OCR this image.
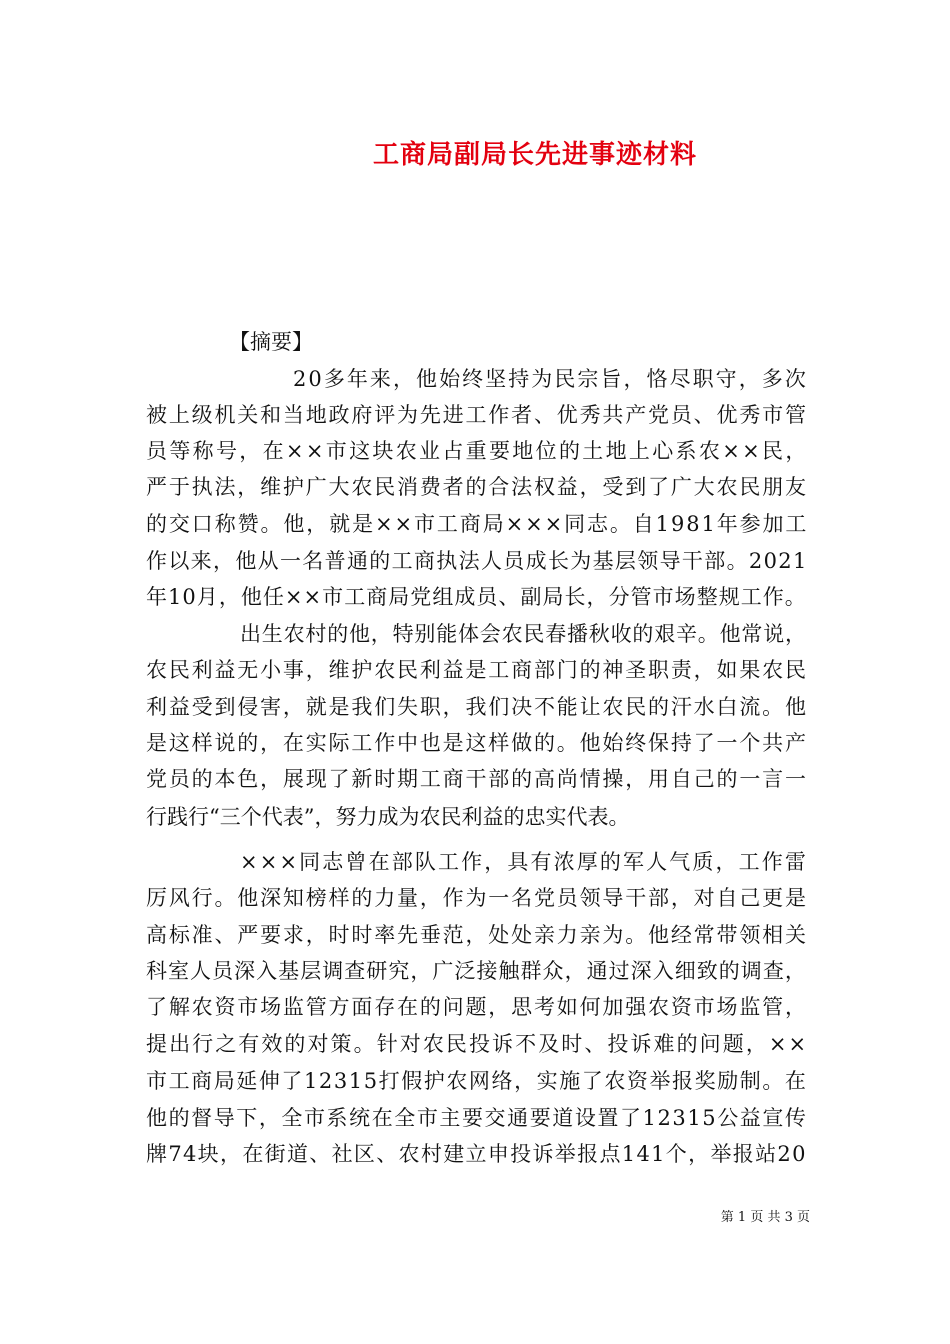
工商局副局长先进事迹材料
【摘要】
20多年来，他始终坚持为民宗旨，恪尽职守，多次
被上级机关和当地政府评为先进工作者、优秀共产党员、优秀市管
员等称号，在××市这块农业占重要地位的土地上心系农××民，
严于执法，维护广大农民消费者的合法权益，受到了广大农民朋友
的交口称赞。他，就是××市工商局×××同志。自1981年参加工
作以来，他从一名普通的工商执法人员成长为基层领导干部。2021
年10月，他任××市工商局党组成员、副局长，分管市场整规工作。
出生农村的他，特别能体会农民春播秋收的艰辛。他常说，
农民利益无小事，维护农民利益是工商部门的神圣职责，如果农民
利益受到侵害，就是我们失职，我们决不能让农民的汗水白流。他
是这样说的，在实际工作中也是这样做的。他始终保持了一个共产
党员的本色，展现了新时期工商干部的高尚情操，用自己的一言一
行践行“三个代表”，努力成为农民利益的忠实代表。
×××同志曾在部队工作，具有浓厚的军人气质，工作雷
厉风行。他深知榜样的力量，作为一名党员领导干部，对自己更是
高标准、严要求，时时率先垂范，处处亲力亲为。他经常带领相关
科室人员深入基层调查研究，广泛接触群众，通过深入细致的调查，
了解农资市场监管方面存在的问题，思考如何加强农资市场监管，
提出行之有效的对策。针对农民投诉不及时、投诉难的问题，××
市工商局延伸了12315打假护农网络，实施了农资举报奖励制。在
他的督导下，全市系统在全市主要交通要道设置了12315公益宣传
牌74块，在街道、社区、农村建立申投诉举报点141个，举报站20
第 1 页 共 3 页
